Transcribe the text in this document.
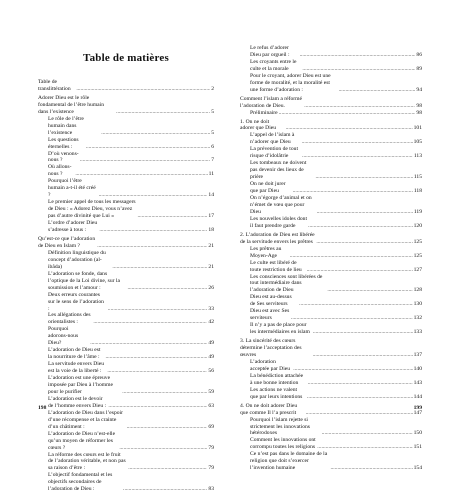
Table de matières
Table de translittération .....	2
Adorer Dieu est le rôle fondamental de l’être humain dans l’existence .....	5
Le rôle de l’être humain dans l’existence .....	5
Les questions éternelles : .....	6
D’où venons-nous ? .....	7
Où allons-nous ? .....	11
Pourquoi l’être humain a-t-il été créé ? .....	14
Le premier appel de tous les messagers de Dieu : « Adorez Dieu, vous n’avez pas d’autre divinité que Lui » .....	17
L’ordre d’adorer Dieu s’adresse à tous : .....	18
Qu’est-ce que l’adoration de Dieu en Islam ? .....	21
Définition linguistique du concept d’adoration (al-ibâda) .....	21
L’adoration se fonde, dans l’optique de la Loi divine, sur la soumission et l’amour : .....	26
Deux erreurs courantes sur le sens de l’adoration : .....	33
Les allégations des orientalistes : .....	42
Pourquoi adorons-nous Dieu? .....	49
L’adoration de Dieu est la nourriture de l’âme : .....	49
La servitude envers Dieu est la voie de la liberté : .....	56
L’adoration est une épreuve imposée par Dieu à l’homme pour le purifier .....	59
L’adoration est le devoir de l’homme envers Dieu : .....	63
L’adoration de Dieu dans l’espoir d’une récompense et la crainte d’un châtiment : .....	69
L’adoration de Dieu n’est-elle qu’un moyen de réformer les cœurs ? .....	79
La réforme des cœurs est le fruit de l’adoration véritable, et non pas sa raison d’être : .....	79
L’objectif fondamental et les objectifs secondaires de l’adoration de Dieu : .....	83
198
Le refus d’adorer Dieu par orgueil : .....	86
Les croyants entre le culte et la morale .....	89
Pour le croyant, adorer Dieu est une forme de moralité, et la moralité est une forme d’adoration : .....	94
Comment l’islam a réformé l’adoration de Dieu. .....	98
Préliminaire .....	98
1. On ne doit adorer que Dieu .....	101
L’appel de l’islam à n’adorer que Dieu .....	105
La prévention de tout risque d’idolâtrie .....	113
Les tombeaux ne doivent pas devenir des lieux de prière .....	115
On ne doit jurer que par Dieu .....	118
On n’égorge d’animal et on n’émet de vœu que pour Dieu .....	119
Les nouvelles idoles dont il faut prendre garde .....	120
2. L’adoration de Dieu est libérée de la servitude envers les prêtres .....	125
Les prêtres au Moyen-Age .....	125
Le culte est libéré de toute restriction de lieu .....	127
Les consciences sont libérées de tout intermédiaire dans l’adoration de Dieu .....	128
Dieu est au-dessus de Ses serviteurs .....	130
Dieu est avec Ses serviteurs .....	132
Il n’y a pas de place pour les intermédiaires en islam .....	133
3. La sincérité des cœurs détermine l’acceptation des œuvres .....	137
L’adoration acceptée par Dieu .....	140
La bénédiction attachée à une bonne intention .....	143
Les actions ne valent que par leurs intentions .....	144
4. On ne doit adorer Dieu que comme Il l’a prescrit .....	147
Pourquoi l’islam rejette si strictement les innovations hétérodoxes .....	150
Comment les innovations ont corrompu toutes les religions .....	151
Ce n’est pas dans le domaine de la religion que doit s’exercer l’invention humaine .....	154
199
